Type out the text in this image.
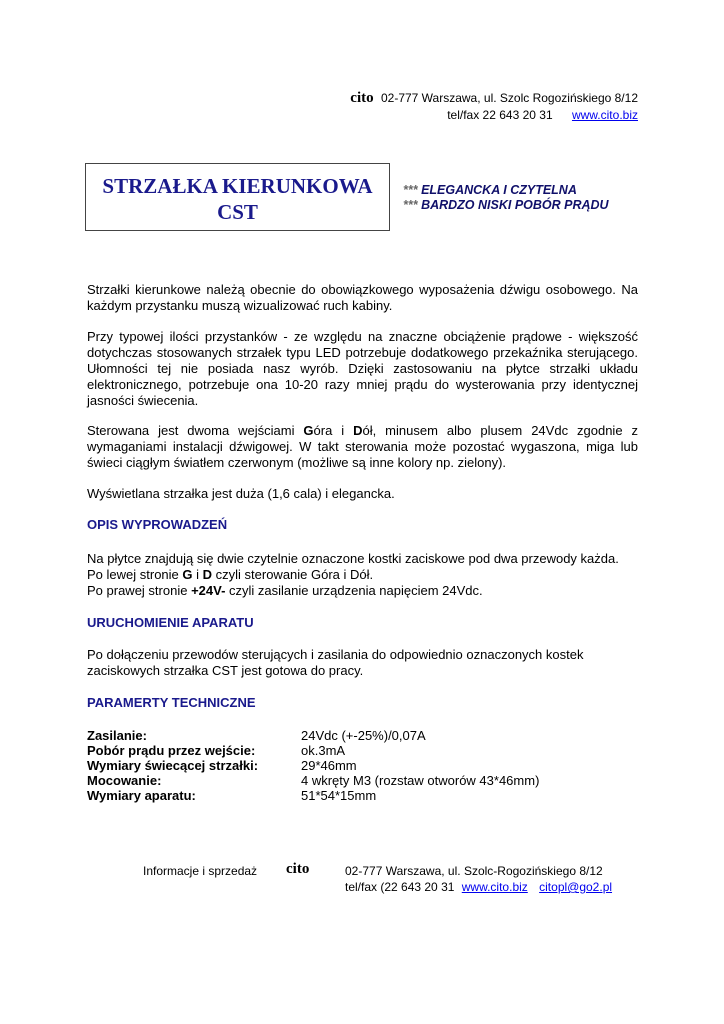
cito 02-777 Warszawa, ul. Szolc Rogozińskiego 8/12
tel/fax 22 643 20 31 www.cito.biz
STRZAŁKA KIERUNKOWA
CST
*** ELEGANCKA I CZYTELNA
*** BARDZO NISKI POBÓR PRĄDU
Strzałki kierunkowe należą obecnie do obowiązkowego wyposażenia dźwigu osobowego. Na każdym przystanku muszą wizualizować ruch kabiny.
Przy typowej ilości przystanków - ze względu na znaczne obciążenie prądowe - większość dotychczas stosowanych strzałek typu LED potrzebuje dodatkowego przekaźnika sterującego. Ułomności tej nie posiada nasz wyrób. Dzięki zastosowaniu na płytce strzałki układu elektronicznego, potrzebuje ona 10-20 razy mniej prądu do wysterowania przy identycznej jasności świecenia.
Sterowana jest dwoma wejściami Góra i Dół, minusem albo plusem 24Vdc zgodnie z wymaganiami instalacji dźwigowej. W takt sterowania może pozostać wygaszona, miga lub świeci ciągłym światłem czerwonym (możliwe są inne kolory np. zielony).
Wyświetlana strzałka jest duża (1,6 cala) i elegancka.
OPIS WYPROWADZEŃ
Na płytce znajdują się dwie czytelnie oznaczone kostki zaciskowe pod dwa przewody każda.
Po lewej stronie G i D czyli sterowanie Góra i Dół.
Po prawej stronie +24V- czyli zasilanie urządzenia napięciem 24Vdc.
URUCHOMIENIE APARATU
Po dołączeniu przewodów sterujących i zasilania do odpowiednio oznaczonych kostek zaciskowych strzałka CST jest gotowa do pracy.
PARAMERTY TECHNICZNE
Zasilanie:	24Vdc (+-25%)/0,07A
Pobór prądu przez wejście:	ok.3mA
Wymiary świecącej strzałki:	29*46mm
Mocowanie:	4 wkręty M3 (rozstaw otworów 43*46mm)
Wymiary aparatu:	51*54*15mm
Informacje i sprzedaż cito	02-777 Warszawa, ul. Szolc-Rogozińskiego 8/12
tel/fax (22 643 20 31 www.cito.biz citopl@go2.pl
